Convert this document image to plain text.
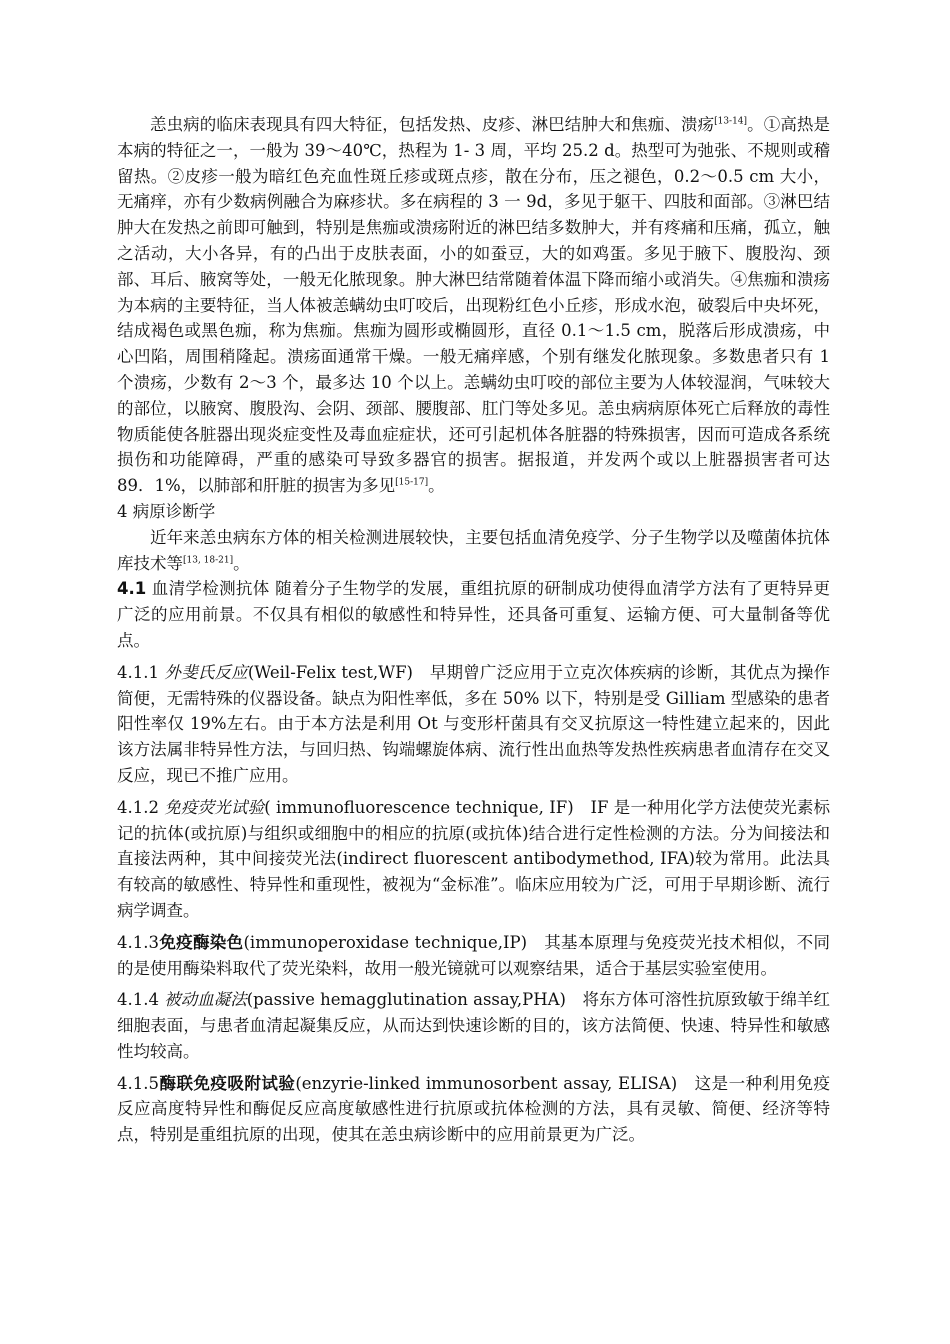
恙虫病的临床表现具有四大特征，包括发热、皮疹、淋巴结肿大和焦痂、溃疡[13-14]。①高热是本病的特征之一，一般为 39～40℃，热程为 1- 3 周，平均 25.2 d。热型可为弛张、不规则或稽留热。②皮疹一般为暗红色充血性斑丘疹或斑点疹，散在分布，压之褪色，0.2～0.5 cm 大小，无痛痒，亦有少数病例融合为麻疹状。多在病程的 3 一 9d，多见于躯干、四肢和面部。③淋巴结肿大在发热之前即可触到，特别是焦痂或溃疡附近的淋巴结多数肿大，并有疼痛和压痛，孤立，触之活动，大小各异，有的凸出于皮肤表面，小的如蚕豆，大的如鸡蛋。多见于腋下、腹股沟、颈部、耳后、腋窝等处，一般无化脓现象。肿大淋巴结常随着体温下降而缩小或消失。④焦痂和溃疡为本病的主要特征，当人体被恙螨幼虫叮咬后，出现粉红色小丘疹，形成水泡，破裂后中央坏死，结成褐色或黑色痂，称为焦痂。焦痂为圆形或椭圆形，直径 0.1～1.5 cm，脱落后形成溃疡，中心凹陷，周围稍隆起。溃疡面通常干燥。一般无痛痒感，个别有继发化脓现象。多数患者只有 1 个溃疡，少数有 2～3 个，最多达 10 个以上。恙螨幼虫叮咬的部位主要为人体较湿润，气味较大的部位，以腋窝、腹股沟、会阴、颈部、腰腹部、肛门等处多见。恙虫病病原体死亡后释放的毒性物质能使各脏器出现炎症变性及毒血症症状，还可引起机体各脏器的特殊损害，因而可造成各系统损伤和功能障碍，严重的感染可导致多器官的损害。据报道，并发两个或以上脏器损害者可达 89．1%，以肺部和肝脏的损害为多见[15-17]。

4 病原诊断学

近年来恙虫病东方体的相关检测进展较快，主要包括血清免疫学、分子生物学以及噬菌体抗体库技术等[13, 18-21]。

4.1 血清学检测抗体 随着分子生物学的发展，重组抗原的研制成功使得血清学方法有了更特异更广泛的应用前景。不仅具有相似的敏感性和特异性，还具备可重复、运输方便、可大量制备等优点。

4.1.1 外斐氏反应(Weil-Felix test,WF)　早期曾广泛应用于立克次体疾病的诊断，其优点为操作简便，无需特殊的仪器设备。缺点为阳性率低，多在 50% 以下，特别是受 Gilliam 型感染的患者阳性率仅 19%左右。由于本方法是利用 Ot 与变形杆菌具有交叉抗原这一特性建立起来的，因此该方法属非特异性方法，与回归热、钩端螺旋体病、流行性出血热等发热性疾病患者血清存在交叉反应，现已不推广应用。

4.1.2 免疫荧光试验( immunofluorescence technique, IF)　IF 是一种用化学方法使荧光素标记的抗体(或抗原)与组织或细胞中的相应的抗原(或抗体)结合进行定性检测的方法。分为间接法和直接法两种，其中间接荧光法(indirect fluorescent antibodymethod, IFA)较为常用。此法具有较高的敏感性、特异性和重现性，被视为“金标准”。临床应用较为广泛，可用于早期诊断、流行病学调查。

4.1.3免疫酶染色(immunoperoxidase technique,IP)　其基本原理与免疫荧光技术相似，不同的是使用酶染料取代了荧光染料，故用一般光镜就可以观察结果，适合于基层实验室使用。

4.1.4 被动血凝法(passive hemagglutination assay,PHA)　将东方体可溶性抗原致敏于绵羊红细胞表面，与患者血清起凝集反应，从而达到快速诊断的目的，该方法简便、快速、特异性和敏感性均较高。

4.1.5酶联免疫吸附试验(enzyrie-linked immunosorbent assay, ELISA)　这是一种利用免疫反应高度特异性和酶促反应高度敏感性进行抗原或抗体检测的方法，具有灵敏、简便、经济等特点，特别是重组抗原的出现，使其在恙虫病诊断中的应用前景更为广泛。
